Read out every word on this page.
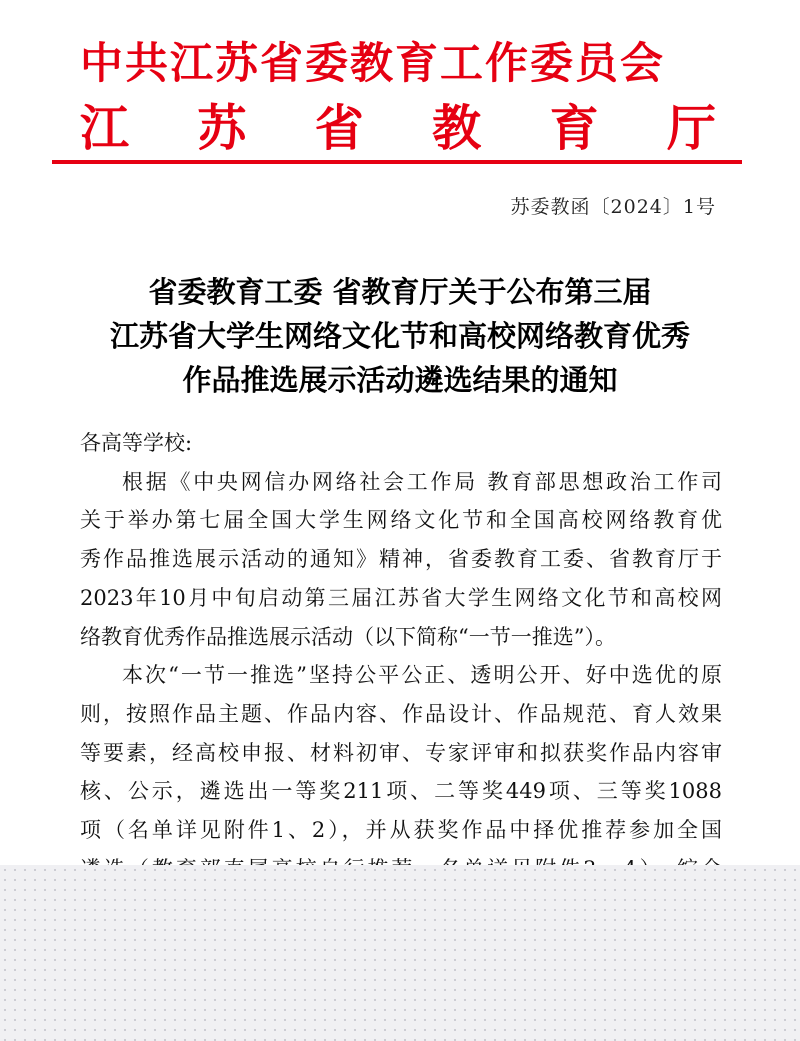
中共江苏省委教育工作委员会
江 苏 省 教 育 厅
苏委教函〔2024〕1号
省委教育工委 省教育厅关于公布第三届
江苏省大学生网络文化节和高校网络教育优秀
作品推选展示活动遴选结果的通知
各高等学校:
根据《中央网信办网络社会工作局 教育部思想政治工作司
关于举办第七届全国大学生网络文化节和全国高校网络教育优
秀作品推选展示活动的通知》精神，省委教育工委、省教育厅于
2023年10月中旬启动第三届江苏省大学生网络文化节和高校网
络教育优秀作品推选展示活动（以下简称“一节一推选”）。
本次“一节一推选”坚持公平公正、透明公开、好中选优的原
则，按照作品主题、作品内容、作品设计、作品规范、育人效果
等要素，经高校申报、材料初审、专家评审和拟获奖作品内容审
核、公示，遴选出一等奖211项、二等奖449项、三等奖1088
项（名单详见附件1、2），并从获奖作品中择优推荐参加全国
